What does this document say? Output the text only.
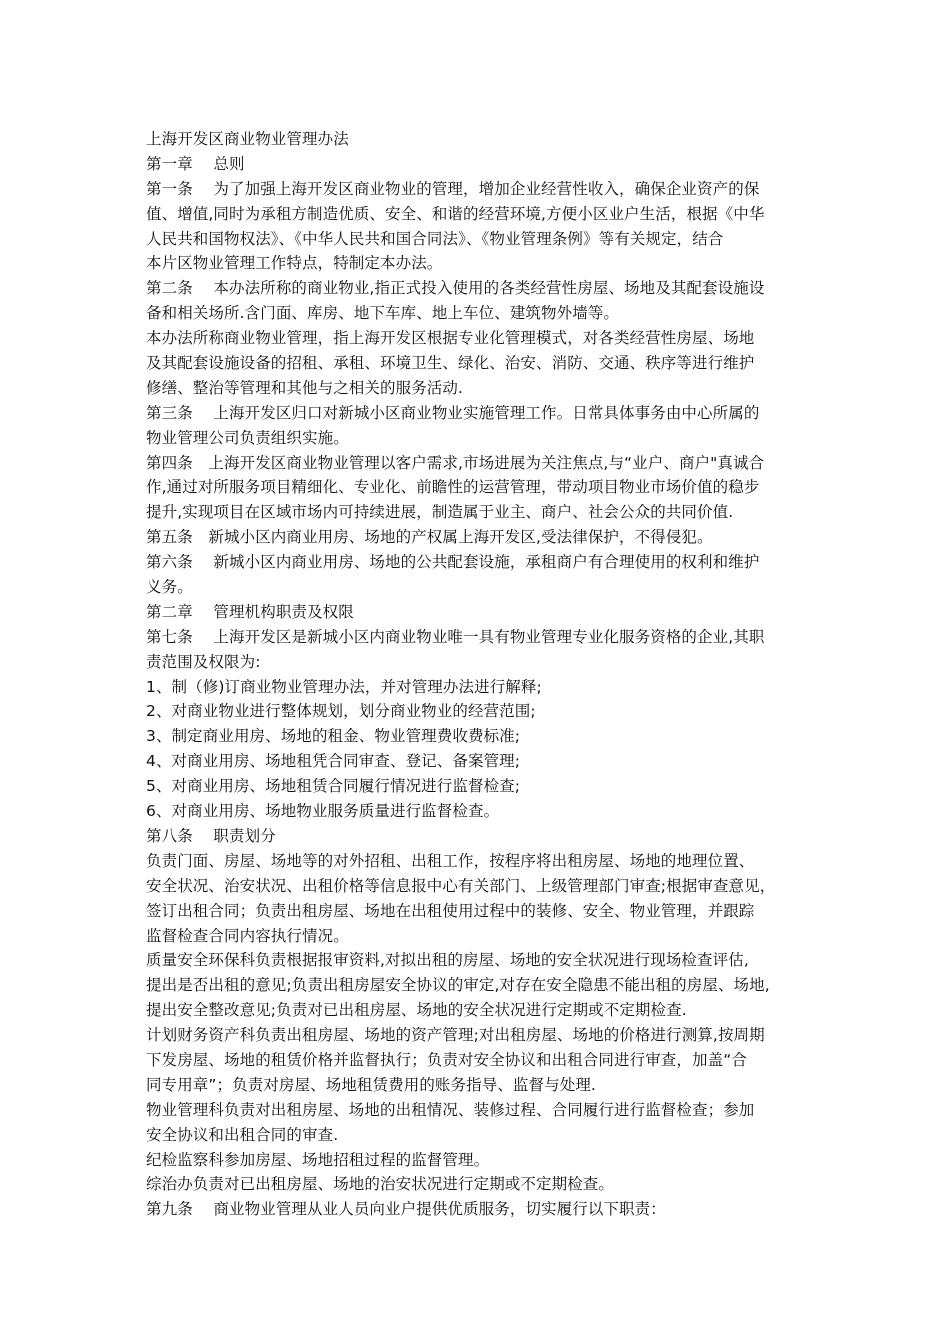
上海开发区商业物业管理办法
第一章　 总则
第一条　 为了加强上海开发区商业物业的管理，增加企业经营性收入，确保企业资产的保
值、增值,同时为承租方制造优质、安全、和谐的经营环境,方便小区业户生活，根据《中华
人民共和国物权法》、《中华人民共和国合同法》、《物业管理条例》等有关规定，结合
本片区物业管理工作特点，特制定本办法。
第二条　 本办法所称的商业物业,指正式投入使用的各类经营性房屋、场地及其配套设施设
备和相关场所.含门面、库房、地下车库、地上车位、建筑物外墙等。
本办法所称商业物业管理，指上海开发区根据专业化管理模式，对各类经营性房屋、场地
及其配套设施设备的招租、承租、环境卫生、绿化、治安、消防、交通、秩序等进行维护
修缮、整治等管理和其他与之相关的服务活动.
第三条　 上海开发区归口对新城小区商业物业实施管理工作。日常具体事务由中心所属的
物业管理公司负责组织实施。
第四条　上海开发区商业物业管理以客户需求,市场进展为关注焦点,与“业户、商户"真诚合
作,通过对所服务项目精细化、专业化、前瞻性的运营管理，带动项目物业市场价值的稳步
提升,实现项目在区域市场内可持续进展，制造属于业主、商户、社会公众的共同价值.
第五条　新城小区内商业用房、场地的产权属上海开发区,受法律保护，不得侵犯。
第六条　 新城小区内商业用房、场地的公共配套设施，承租商户有合理使用的权利和维护
义务。
第二章　 管理机构职责及权限
第七条　 上海开发区是新城小区内商业物业唯一具有物业管理专业化服务资格的企业,其职
责范围及权限为:
1、制（修)订商业物业管理办法，并对管理办法进行解释;
2、对商业物业进行整体规划，划分商业物业的经营范围;
3、制定商业用房、场地的租金、物业管理费收费标准;
4、对商业用房、场地租凭合同审查、登记、备案管理;
5、对商业用房、场地租赁合同履行情况进行监督检查;
6、对商业用房、场地物业服务质量进行监督检查。
第八条　 职责划分
负责门面、房屋、场地等的对外招租、出租工作，按程序将出租房屋、场地的地理位置、
安全状况、治安状况、出租价格等信息报中心有关部门、上级管理部门审查;根据审查意见，
签订出租合同；负责出租房屋、场地在出租使用过程中的装修、安全、物业管理，并跟踪
监督检查合同内容执行情况。
质量安全环保科负责根据报审资料,对拟出租的房屋、场地的安全状况进行现场检查评估,
提出是否出租的意见;负责出租房屋安全协议的审定,对存在安全隐患不能出租的房屋、场地,
提出安全整改意见;负责对已出租房屋、场地的安全状况进行定期或不定期检查.
计划财务资产科负责出租房屋、场地的资产管理;对出租房屋、场地的价格进行测算,按周期
下发房屋、场地的租赁价格并监督执行；负责对安全协议和出租合同进行审查，加盖“合
同专用章”；负责对房屋、场地租赁费用的账务指导、监督与处理.
物业管理科负责对出租房屋、场地的出租情况、装修过程、合同履行进行监督检查；参加
安全协议和出租合同的审查.
纪检监察科参加房屋、场地招租过程的监督管理。
综治办负责对已出租房屋、场地的治安状况进行定期或不定期检查。
第九条　 商业物业管理从业人员向业户提供优质服务，切实履行以下职责：
